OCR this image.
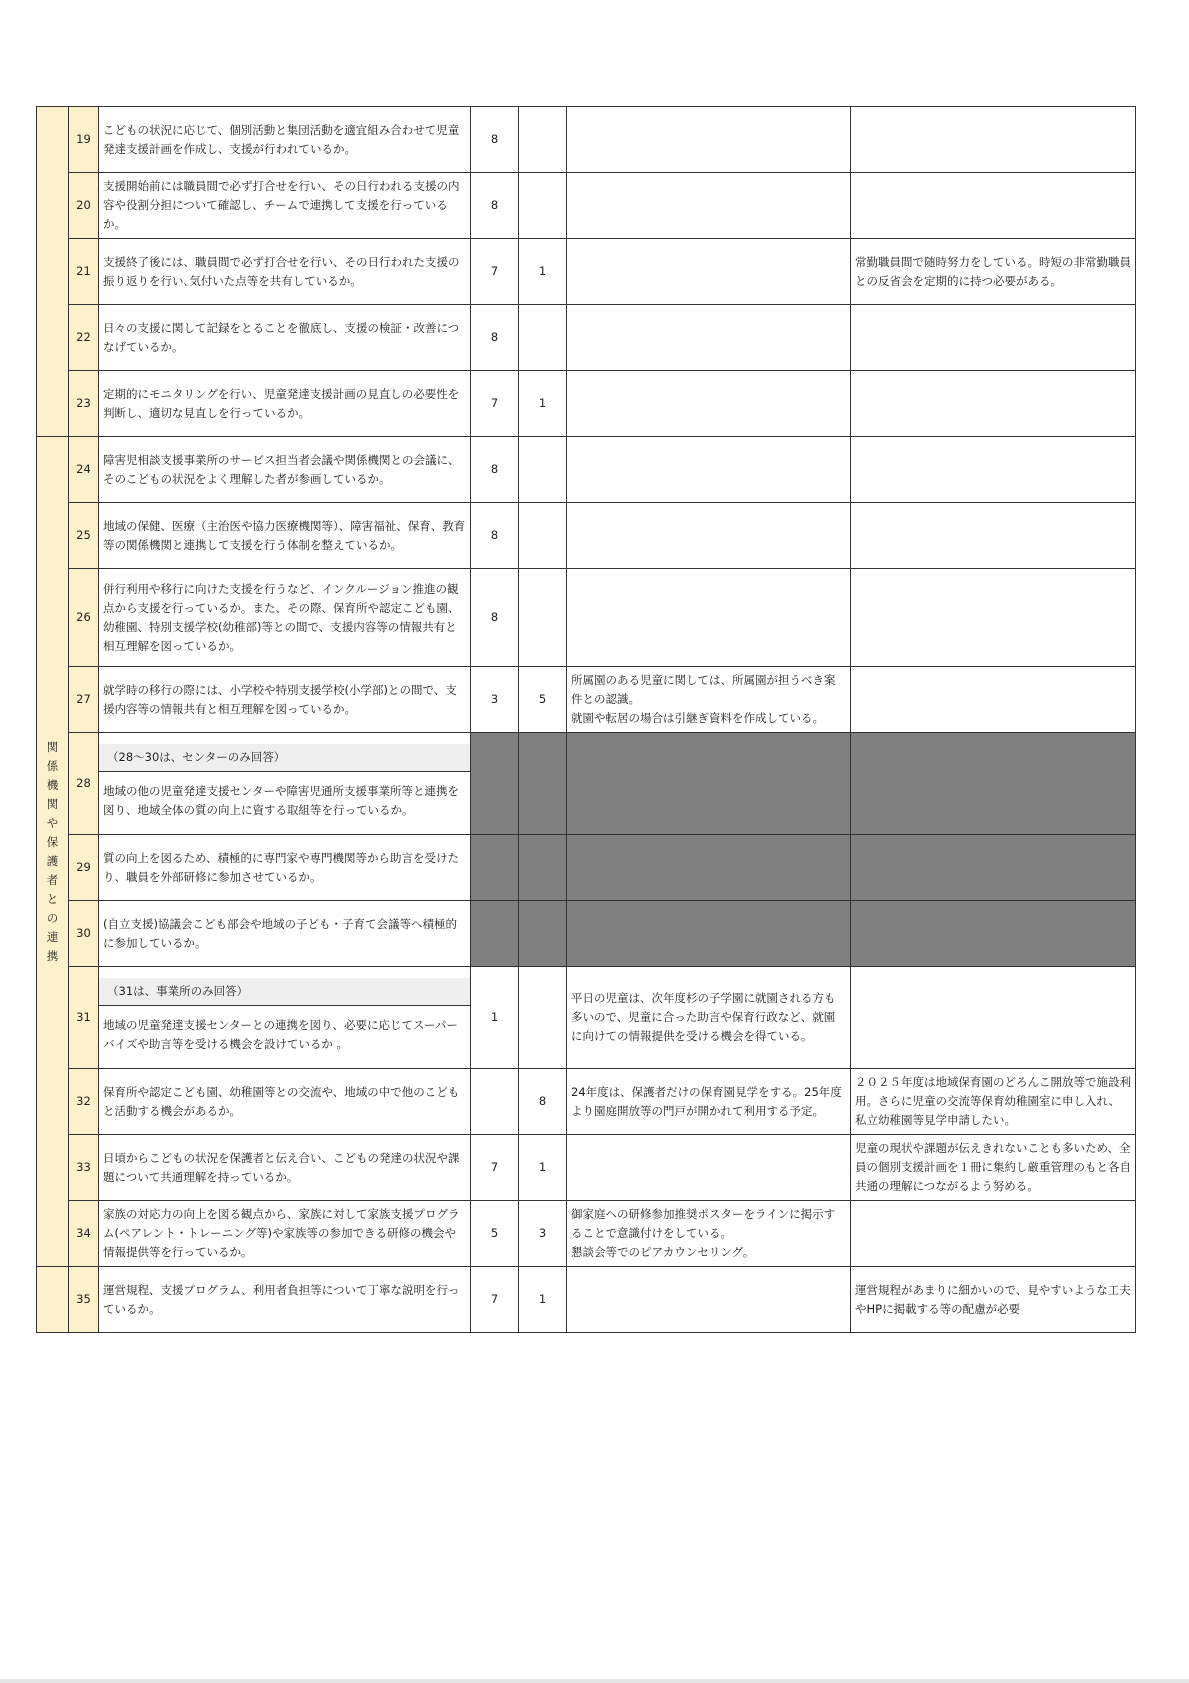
	19	こどもの状況に応じて、個別活動と集団活動を適宜組み合わせて児童発達支援計画を作成し、支援が行われているか。	8			
	20	支援開始前には職員間で必ず打合せを行い、その日行われる支援の内容や役割分担について確認し、チームで連携して支援を行っているか。	8			
	21	支援終了後には、職員間で必ず打合せを行い、その日行われた支援の振り返りを行い､気付いた点等を共有しているか。	7	1		常勤職員間で随時努力をしている。時短の非常勤職員との反省会を定期的に持つ必要がある。
	22	日々の支援に関して記録をとることを徹底し、支援の検証・改善につなげているか。	8			
	23	定期的にモニタリングを行い、児童発達支援計画の見直しの必要性を判断し、適切な見直しを行っているか。	7	1		
関係機関や保護者との連携	24	障害児相談支援事業所のサービス担当者会議や関係機関との会議に、そのこどもの状況をよく理解した者が参画しているか。	8			
	25	地域の保健、医療（主治医や協力医療機関等）、障害福祉、保育、教育等の関係機関と連携して支援を行う体制を整えているか。	8			
	26	併行利用や移行に向けた支援を行うなど、インクルージョン推進の観点から支援を行っているか。また、その際、保育所や認定こども園、幼稚園、特別支援学校(幼稚部)等との間で、支援内容等の情報共有と相互理解を図っているか。	8			
	27	就学時の移行の際には、小学校や特別支援学校(小学部)との間で、支援内容等の情報共有と相互理解を図っているか。	3	5	所属園のある児童に関しては、所属園が担うべき案件との認識。
就園や転居の場合は引継ぎ資料を作成している。	
	28	（28～30は、センターのみ回答）
地域の他の児童発達支援センターや障害児通所支援事業所等と連携を図り、地域全体の質の向上に資する取組等を行っているか。				
	29	質の向上を図るため、積極的に専門家や専門機関等から助言を受けたり、職員を外部研修に参加させているか。				
	30	(自立支援)協議会こども部会や地域の子ども・子育て会議等へ積極的に参加しているか。				
	31	（31は、事業所のみ回答）
地域の児童発達支援センターとの連携を図り、必要に応じてスーパーバイズや助言等を受ける機会を設けているか 。	1		平日の児童は、次年度杉の子学園に就園される方も多いので、児童に合った助言や保育行政など、就園に向けての情報提供を受ける機会を得ている。	
	32	保育所や認定こども園、幼稚園等との交流や、地域の中で他のこどもと活動する機会があるか。		8	24年度は、保護者だけの保育園見学をする。25年度より園庭開放等の門戸が開かれて利用する予定。	２０２５年度は地域保育園のどろんこ開放等で施設利用。さらに児童の交流等保育幼稚園室に申し入れ、私立幼稚園等見学申請したい。
	33	日頃からこどもの状況を保護者と伝え合い、こどもの発達の状況や課題について共通理解を持っているか。	7	1		児童の現状や課題が伝えきれないことも多いため、全員の個別支援計画を１冊に集約し厳重管理のもと各自共通の理解につながるよう努める。
	34	家族の対応力の向上を図る観点から、家族に対して家族支援プログラム(ペアレント・トレーニング等)や家族等の参加できる研修の機会や情報提供等を行っているか。	5	3	御家庭への研修参加推奨ポスターをラインに掲示することで意識付けをしている。
懇談会等でのピアカウンセリング。	
	35	運営規程、支援プログラム、利用者負担等について丁寧な説明を行っているか。	7	1		運営規程があまりに細かいので、見やすいような工夫やHPに掲載する等の配慮が必要
